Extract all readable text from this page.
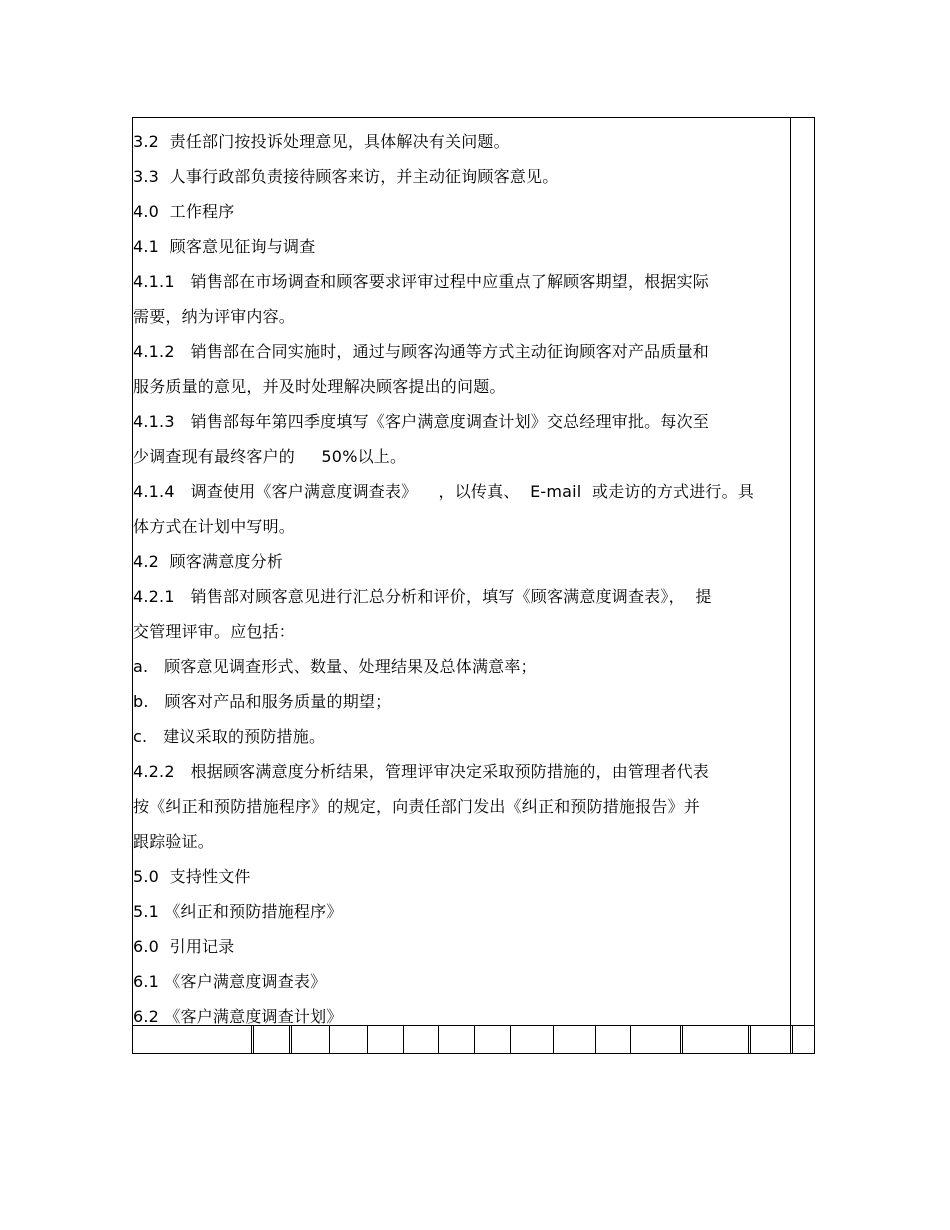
3.2  责任部门按投诉处理意见，具体解决有关问题。
3.3  人事行政部负责接待顾客来访，并主动征询顾客意见。
4.0  工作程序
4.1  顾客意见征询与调查
4.1.1   销售部在市场调查和顾客要求评审过程中应重点了解顾客期望，根据实际
需要，纳为评审内容。
4.1.2   销售部在合同实施时，通过与顾客沟通等方式主动征询顾客对产品质量和
服务质量的意见，并及时处理解决顾客提出的问题。
4.1.3   销售部每年第四季度填写《客户满意度调查计划》交总经理审批。每次至
少调查现有最终客户的     50%以上。
4.1.4   调查使用《客户满意度调查表》    ，以传真、  E-mail  或走访的方式进行。具
体方式在计划中写明。
4.2  顾客满意度分析
4.2.1   销售部对顾客意见进行汇总分析和评价，填写《顾客满意度调查表》，  提
交管理评审。应包括：
a.   顾客意见调查形式、数量、处理结果及总体满意率；
b.   顾客对产品和服务质量的期望；
c.   建议采取的预防措施。
4.2.2   根据顾客满意度分析结果，管理评审决定采取预防措施的，由管理者代表
按《纠正和预防措施程序》的规定，向责任部门发出《纠正和预防措施报告》并
跟踪验证。
5.0  支持性文件
5.1 《纠正和预防措施程序》
6.0  引用记录
6.1 《客户满意度调查表》
6.2 《客户满意度调查计划》
